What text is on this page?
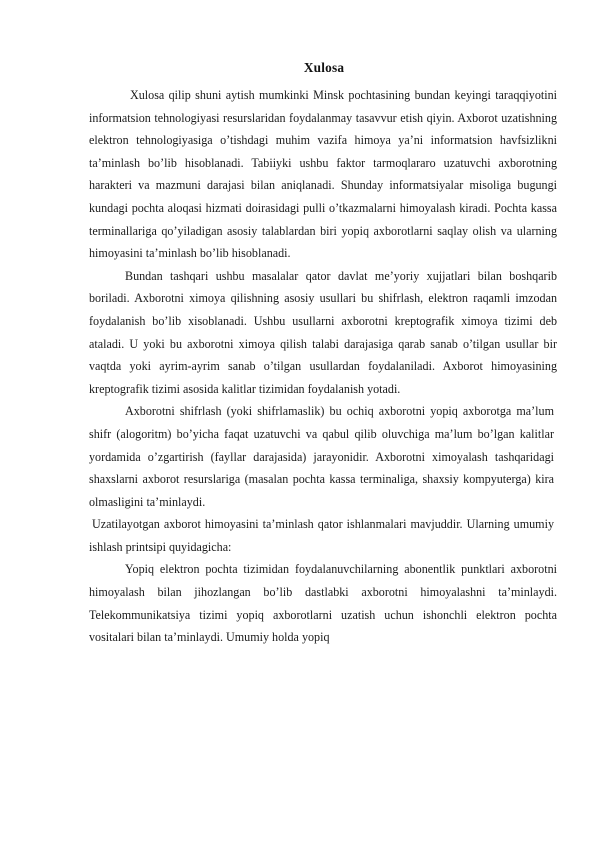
Xulosa

Xulosa qilip shuni aytish mumkinki Minsk pochtasining bundan keyingi taraqqiyotini informatsion tehnologiyasi resurslaridan foydalanmay tasavvur etish qiyin. Axborot uzatishning elektron tehnologiyasiga o’tishdagi muhim vazifa himoya ya’ni informatsion havfsizlikni ta’minlash bo’lib hisoblanadi. Tabiiyki ushbu faktor tarmoqlararo uzatuvchi axborotning harakteri va mazmuni darajasi bilan aniqlanadi. Shunday informatsiyalar misoliga bugungi kundagi pochta aloqasi hizmati doirasidagi pulli o’tkazmalarni himoyalash kiradi. Pochta kassa terminallariga qo’yiladigan asosiy talablardan biri yopiq axborotlarni saqlay olish va ularning himoyasini ta’minlash bo’lib hisoblanadi.

Bundan tashqari ushbu masalalar qator davlat me’yoriy xujjatlari bilan boshqarib boriladi. Axborotni ximoya qilishning asosiy usullari bu shifrlash, elektron raqamli imzodan foydalanish bo’lib xisoblanadi. Ushbu usullarni axborotni kreptografik ximoya tizimi deb ataladi. U yoki bu axborotni ximoya qilish talabi darajasiga qarab sanab o’tilgan usullar bir vaqtda yoki ayrim-ayrim sanab o’tilgan usullardan foydalaniladi. Axborot himoyasining kreptografik tizimi asosida kalitlar tizimidan foydalanish yotadi.

Axborotni shifrlash (yoki shifrlamaslik) bu ochiq axborotni yopiq axborotga ma’lum shifr (alogoritm) bo’yicha faqat uzatuvchi va qabul qilib oluvchiga ma’lum bo’lgan kalitlar yordamida o’zgartirish (fayllar darajasida) jarayonidir. Axborotni ximoyalash tashqaridagi shaxslarni axborot resurslariga (masalan pochta kassa terminaliga, shaxsiy kompyuterga) kira olmasligini ta’minlaydi.

Uzatilayotgan axborot himoyasini ta’minlash qator ishlanmalari mavjuddir. Ularning umumiy ishlash printsipi quyidagicha:

Yopiq elektron pochta tizimidan foydalanuvchilarning abonentlik punktlari axborotni himoyalash bilan jihozlangan bo’lib dastlabki axborotni himoyalashni ta’minlaydi. Telekommunikatsiya tizimi yopiq axborotlarni uzatish uchun ishonchli elektron pochta vositalari bilan ta’minlaydi. Umumiy holda yopiq
